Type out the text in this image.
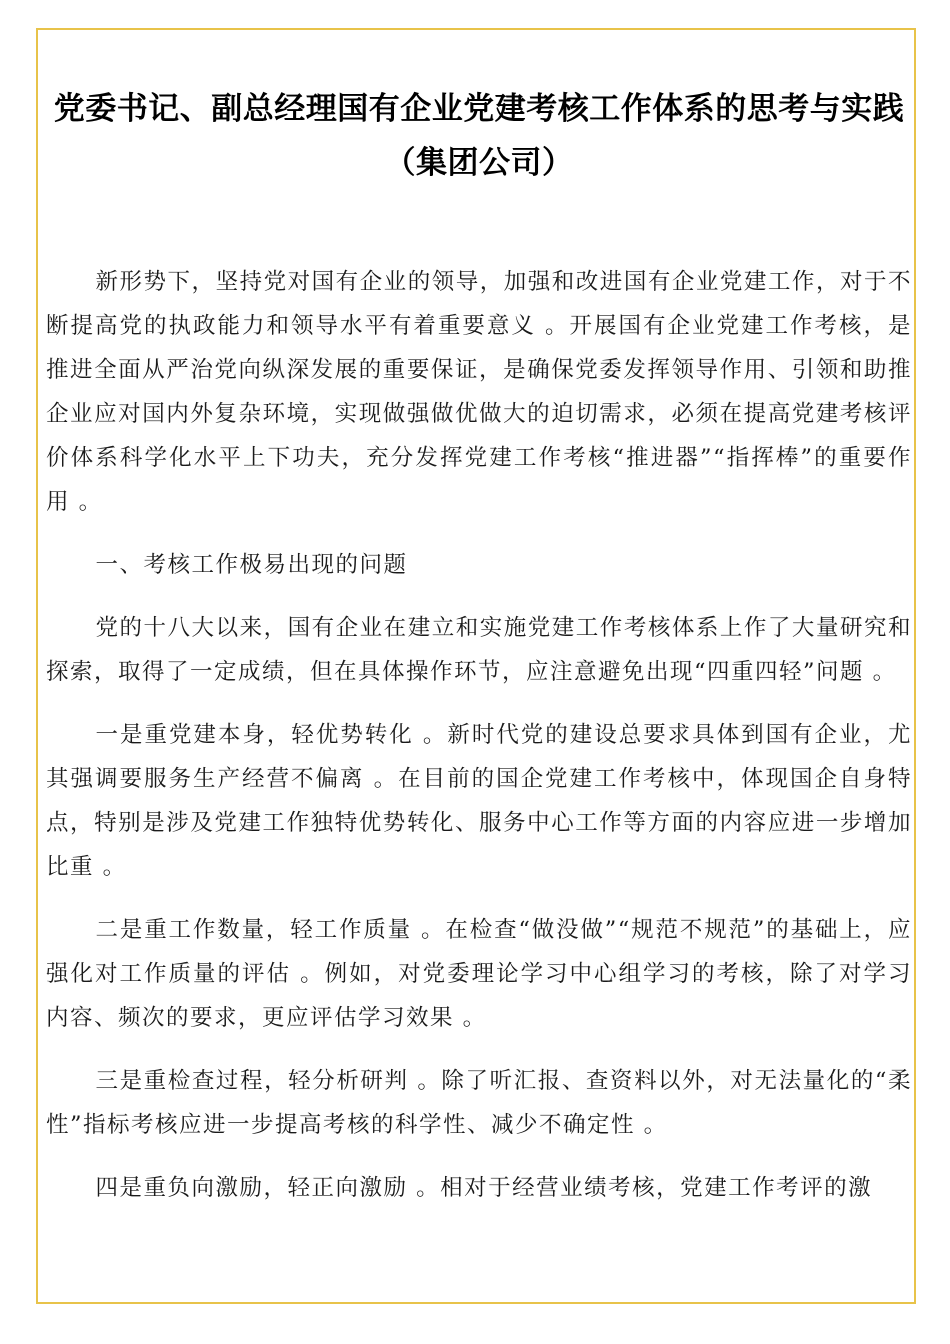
党委书记、副总经理国有企业党建考核工作体系的思考与实践（集团公司）

新形势下，坚持党对国有企业的领导，加强和改进国有企业党建工作，对于不断提高党的执政能力和领导水平有着重要意义 。开展国有企业党建工作考核，是推进全面从严治党向纵深发展的重要保证，是确保党委发挥领导作用、引领和助推企业应对国内外复杂环境，实现做强做优做大的迫切需求，必须在提高党建考核评价体系科学化水平上下功夫，充分发挥党建工作考核“推进器”“指挥棒”的重要作用 。

一、考核工作极易出现的问题

党的十八大以来，国有企业在建立和实施党建工作考核体系上作了大量研究和探索，取得了一定成绩，但在具体操作环节，应注意避免出现“四重四轻”问题 。

一是重党建本身，轻优势转化 。新时代党的建设总要求具体到国有企业，尤其强调要服务生产经营不偏离 。在目前的国企党建工作考核中，体现国企自身特点，特别是涉及党建工作独特优势转化、服务中心工作等方面的内容应进一步增加比重 。

二是重工作数量，轻工作质量 。在检查“做没做”“规范不规范”的基础上，应强化对工作质量的评估 。例如，对党委理论学习中心组学习的考核，除了对学习内容、频次的要求，更应评估学习效果 。

三是重检查过程，轻分析研判 。除了听汇报、查资料以外，对无法量化的“柔性”指标考核应进一步提高考核的科学性、减少不确定性 。

四是重负向激励，轻正向激励 。相对于经营业绩考核，党建工作考评的激
